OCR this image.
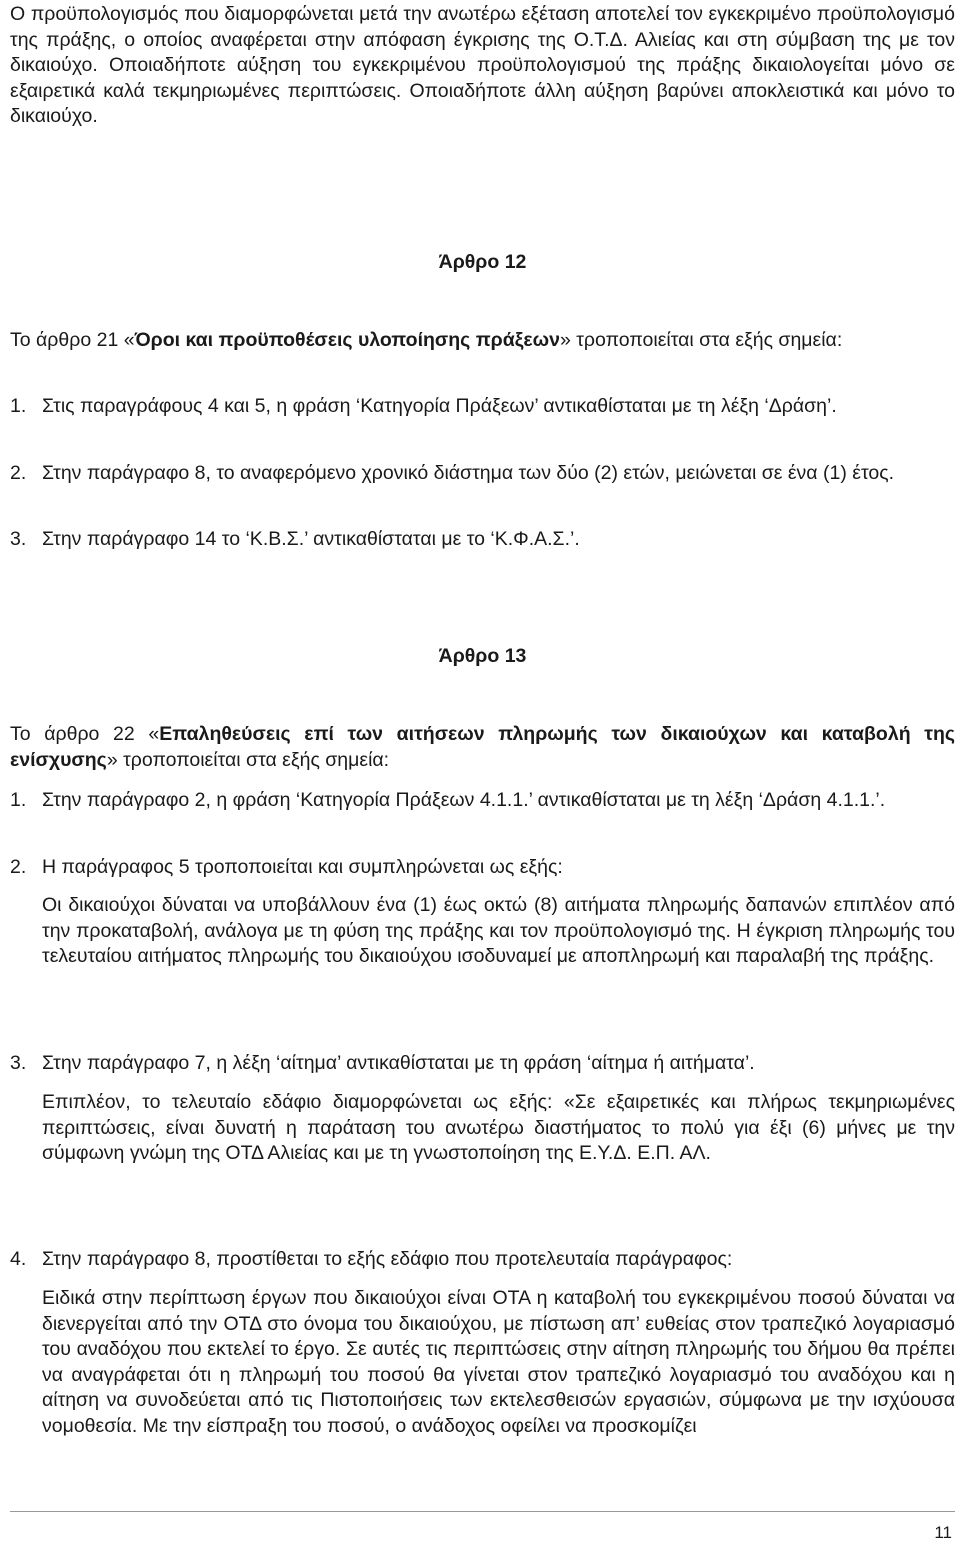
Ο προϋπολογισμός που διαμορφώνεται μετά την ανωτέρω εξέταση αποτελεί τον εγκεκριμένο προϋπολογισμό της πράξης, ο οποίος αναφέρεται στην απόφαση έγκρισης της Ο.Τ.Δ. Αλιείας και στη σύμβαση της με τον δικαιούχο. Οποιαδήποτε αύξηση του εγκεκριμένου προϋπολογισμού της πράξης δικαιολογείται μόνο σε εξαιρετικά καλά τεκμηριωμένες περιπτώσεις. Οποιαδήποτε άλλη αύξηση βαρύνει αποκλειστικά και μόνο το δικαιούχο.

Άρθρο 12

Το άρθρο 21 «Όροι και προϋποθέσεις υλοποίησης πράξεων» τροποποιείται στα εξής σημεία:

1. Στις παραγράφους 4 και 5, η φράση ‘Κατηγορία Πράξεων’ αντικαθίσταται με τη λέξη ‘Δράση’.
2. Στην παράγραφο 8, το αναφερόμενο χρονικό διάστημα των δύο (2) ετών, μειώνεται σε ένα (1) έτος.
3. Στην παράγραφο 14 το ‘Κ.Β.Σ.’ αντικαθίσταται με το ‘Κ.Φ.Α.Σ.’.

Άρθρο 13

Το άρθρο 22 «Επαληθεύσεις επί των αιτήσεων πληρωμής των δικαιούχων και καταβολή της ενίσχυσης» τροποποιείται στα εξής σημεία:

1. Στην παράγραφο 2, η φράση ‘Κατηγορία Πράξεων 4.1.1.’ αντικαθίσταται με τη λέξη ‘Δράση 4.1.1.’.
2. Η παράγραφος 5 τροποποιείται και συμπληρώνεται ως εξής:

Οι δικαιούχοι δύναται να υποβάλλουν ένα (1) έως οκτώ (8) αιτήματα πληρωμής δαπανών επιπλέον από την προκαταβολή, ανάλογα με τη φύση της πράξης και τον προϋπολογισμό της. Η έγκριση πληρωμής του τελευταίου αιτήματος πληρωμής του δικαιούχου ισοδυναμεί με αποπληρωμή και παραλαβή της πράξης.

3. Στην παράγραφο 7, η λέξη ‘αίτημα’ αντικαθίσταται με τη φράση ‘αίτημα ή αιτήματα’.

Επιπλέον, το τελευταίο εδάφιο διαμορφώνεται ως εξής: «Σε εξαιρετικές και πλήρως τεκμηριωμένες περιπτώσεις, είναι δυνατή η παράταση του ανωτέρω διαστήματος το πολύ για έξι (6) μήνες με την σύμφωνη γνώμη της ΟΤΔ Αλιείας και με τη γνωστοποίηση της Ε.Υ.Δ. Ε.Π. ΑΛ.

4. Στην παράγραφο 8, προστίθεται το εξής εδάφιο που προτελευταία παράγραφος:

Ειδικά στην περίπτωση έργων που δικαιούχοι είναι ΟΤΑ η καταβολή του εγκεκριμένου ποσού δύναται να διενεργείται από την ΟΤΔ στο όνομα του δικαιούχου, με πίστωση απ’ ευθείας στον τραπεζικό λογαριασμό του αναδόχου που εκτελεί το έργο. Σε αυτές τις περιπτώσεις στην αίτηση πληρωμής του δήμου θα πρέπει να αναγράφεται ότι η πληρωμή του ποσού θα γίνεται στον τραπεζικό λογαριασμό του αναδόχου και η αίτηση να συνοδεύεται από τις Πιστοποιήσεις των εκτελεσθεισών εργασιών, σύμφωνα με την ισχύουσα νομοθεσία. Με την είσπραξη του ποσού, ο ανάδοχος οφείλει να προσκομίζει

11
